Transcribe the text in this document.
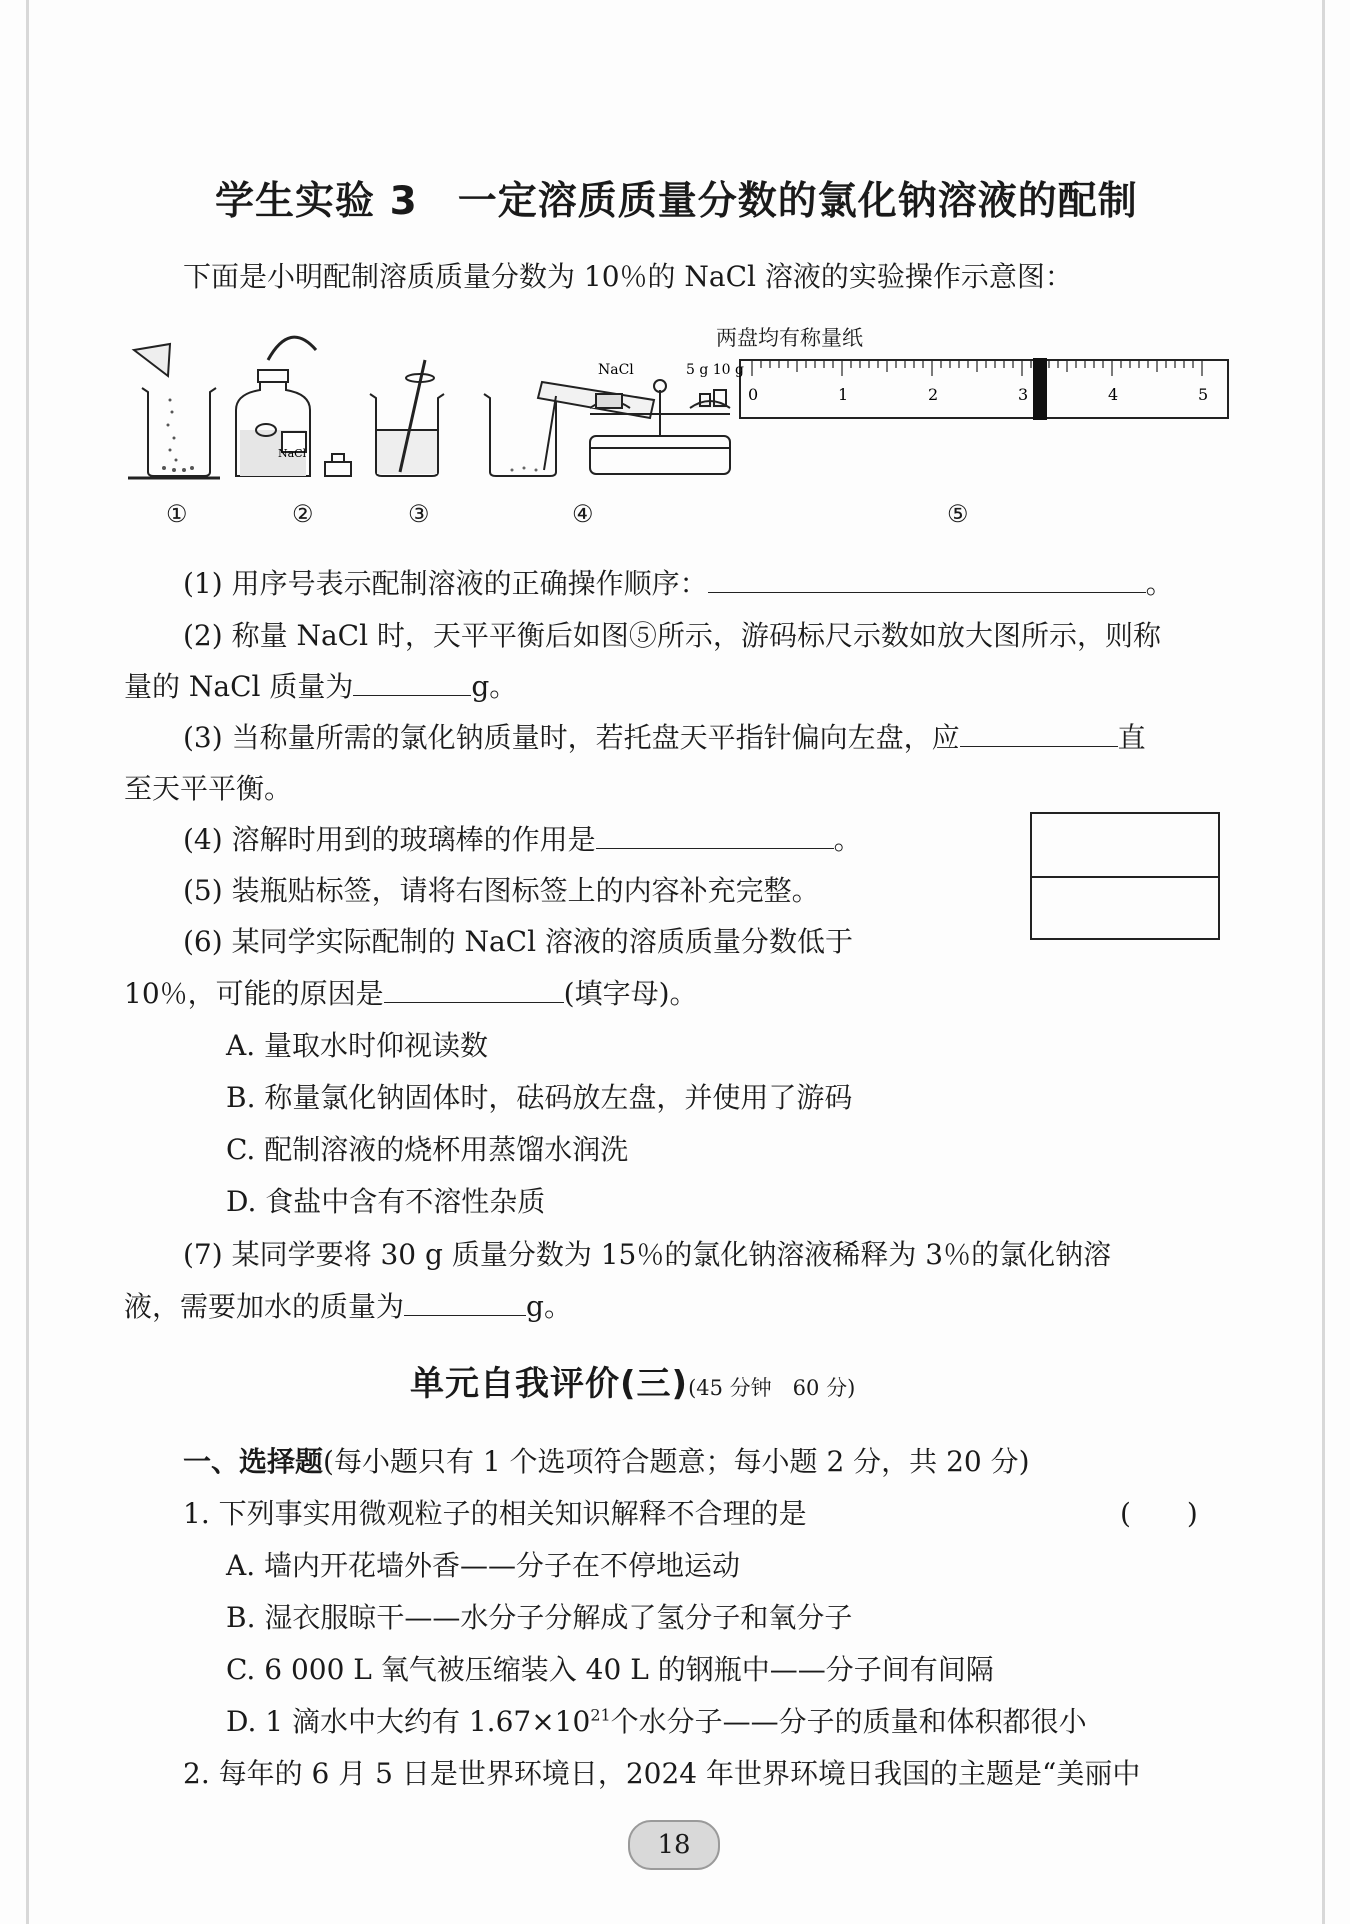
学生实验 3　一定溶质质量分数的氯化钠溶液的配制
下面是小明配制溶质质量分数为 10％的 NaCl 溶液的实验操作示意图：
两盘均有称量纸
NaCl
NaCl	5 g 10 g
0	1	2	3	4	5
①	②	③	④	⑤
(1) 用序号表示配制溶液的正确操作顺序：	。
(2) 称量 NaCl 时，天平平衡后如图⑤所示，游码标尺示数如放大图所示，则称
量的 NaCl 质量为	g。
(3) 当称量所需的氯化钠质量时，若托盘天平指针偏向左盘，应	直
至天平平衡。
(4) 溶解时用到的玻璃棒的作用是	。
(5) 装瓶贴标签，请将右图标签上的内容补充完整。
(6) 某同学实际配制的 NaCl 溶液的溶质质量分数低于
10％，可能的原因是	(填字母)。
A. 量取水时仰视读数
B. 称量氯化钠固体时，砝码放左盘，并使用了游码
C. 配制溶液的烧杯用蒸馏水润洗
D. 食盐中含有不溶性杂质
(7) 某同学要将 30 g 质量分数为 15％的氯化钠溶液稀释为 3％的氯化钠溶
液，需要加水的质量为	g。
单元自我评价(三)(45 分钟　60 分)
一、选择题(每小题只有 1 个选项符合题意；每小题 2 分，共 20 分)
1. 下列事实用微观粒子的相关知识解释不合理的是	(　　)
A. 墙内开花墙外香——分子在不停地运动
B. 湿衣服晾干——水分子分解成了氢分子和氧分子
C. 6 000 L 氧气被压缩装入 40 L 的钢瓶中——分子间有间隔
D. 1 滴水中大约有 $1.67\times 10^{21}$个水分子——分子的质量和体积都很小
2. 每年的 6 月 5 日是世界环境日，2024 年世界环境日我国的主题是“美丽中
18
